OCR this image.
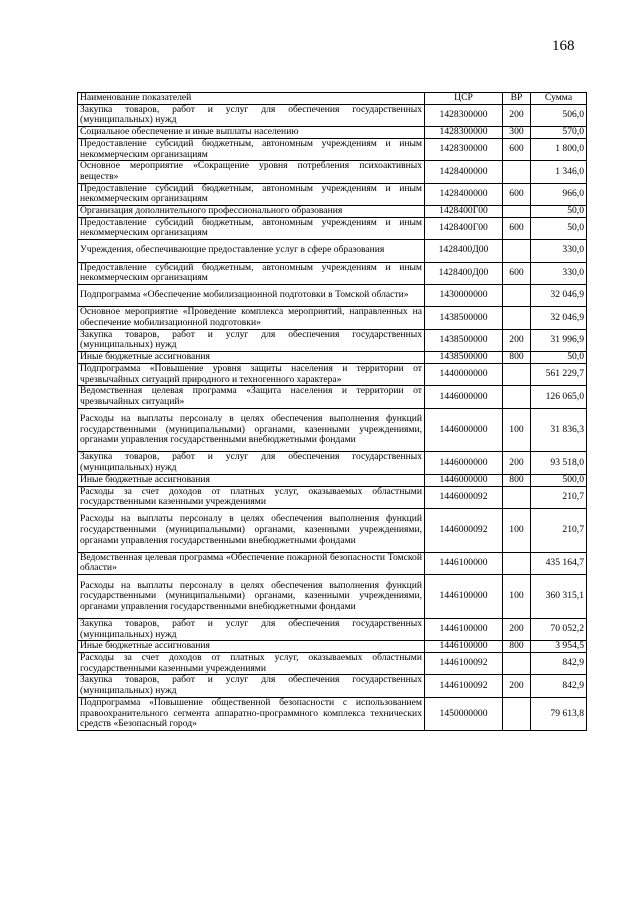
168
Наименование показателей	ЦСР	ВР	Сумма
Закупка товаров, работ и услуг для обеспечения государственных (муниципальных) нужд	1428300000	200	506,0
Социальное обеспечение и иные выплаты населению	1428300000	300	570,0
Предоставление субсидий бюджетным, автономным учреждениям и иным некоммерческим организациям	1428300000	600	1 800,0
Основное мероприятие «Сокращение уровня потребления психоактивных веществ»	1428400000		1 346,0
Предоставление субсидий бюджетным, автономным учреждениям и иным некоммерческим организациям	1428400000	600	966,0
Организация дополнительного профессионального образования	1428400Г00		50,0
Предоставление субсидий бюджетным, автономным учреждениям и иным некоммерческим организациям	1428400Г00	600	50,0
Учреждения, обеспечивающие предоставление услуг в сфере образования	1428400Д00		330,0
Предоставление субсидий бюджетным, автономным учреждениям и иным некоммерческим организациям	1428400Д00	600	330,0
Подпрограмма «Обеспечение мобилизационной подготовки в Томской области»	1430000000		32 046,9
Основное мероприятие «Проведение комплекса мероприятий, направленных на обеспечение мобилизационной подготовки»	1438500000		32 046,9
Закупка товаров, работ и услуг для обеспечения государственных (муниципальных) нужд	1438500000	200	31 996,9
Иные бюджетные ассигнования	1438500000	800	50,0
Подпрограмма «Повышение уровня защиты населения и территории от чрезвычайных ситуаций природного и техногенного характера»	1440000000		561 229,7
Ведомственная целевая программа «Защита населения и территории от чрезвычайных ситуаций»	1446000000		126 065,0
Расходы на выплаты персоналу в целях обеспечения выполнения функций государственными (муниципальными) органами, казенными учреждениями, органами управления государственными внебюджетными фондами	1446000000	100	31 836,3
Закупка товаров, работ и услуг для обеспечения государственных (муниципальных) нужд	1446000000	200	93 518,0
Иные бюджетные ассигнования	1446000000	800	500,0
Расходы за счет доходов от платных услуг, оказываемых областными государственными казенными учреждениями	1446000092		210,7
Расходы на выплаты персоналу в целях обеспечения выполнения функций государственными (муниципальными) органами, казенными учреждениями, органами управления государственными внебюджетными фондами	1446000092	100	210,7
Ведомственная целевая программа «Обеспечение пожарной безопасности Томской области»	1446100000		435 164,7
Расходы на выплаты персоналу в целях обеспечения выполнения функций государственными (муниципальными) органами, казенными учреждениями, органами управления государственными внебюджетными фондами	1446100000	100	360 315,1
Закупка товаров, работ и услуг для обеспечения государственных (муниципальных) нужд	1446100000	200	70 052,2
Иные бюджетные ассигнования	1446100000	800	3 954,5
Расходы за счет доходов от платных услуг, оказываемых областными государственными казенными учреждениями	1446100092		842,9
Закупка товаров, работ и услуг для обеспечения государственных (муниципальных) нужд	1446100092	200	842,9
Подпрограмма «Повышение общественной безопасности с использованием правоохранительного сегмента аппаратно-программного комплекса технических средств «Безопасный город»	1450000000		79 613,8
